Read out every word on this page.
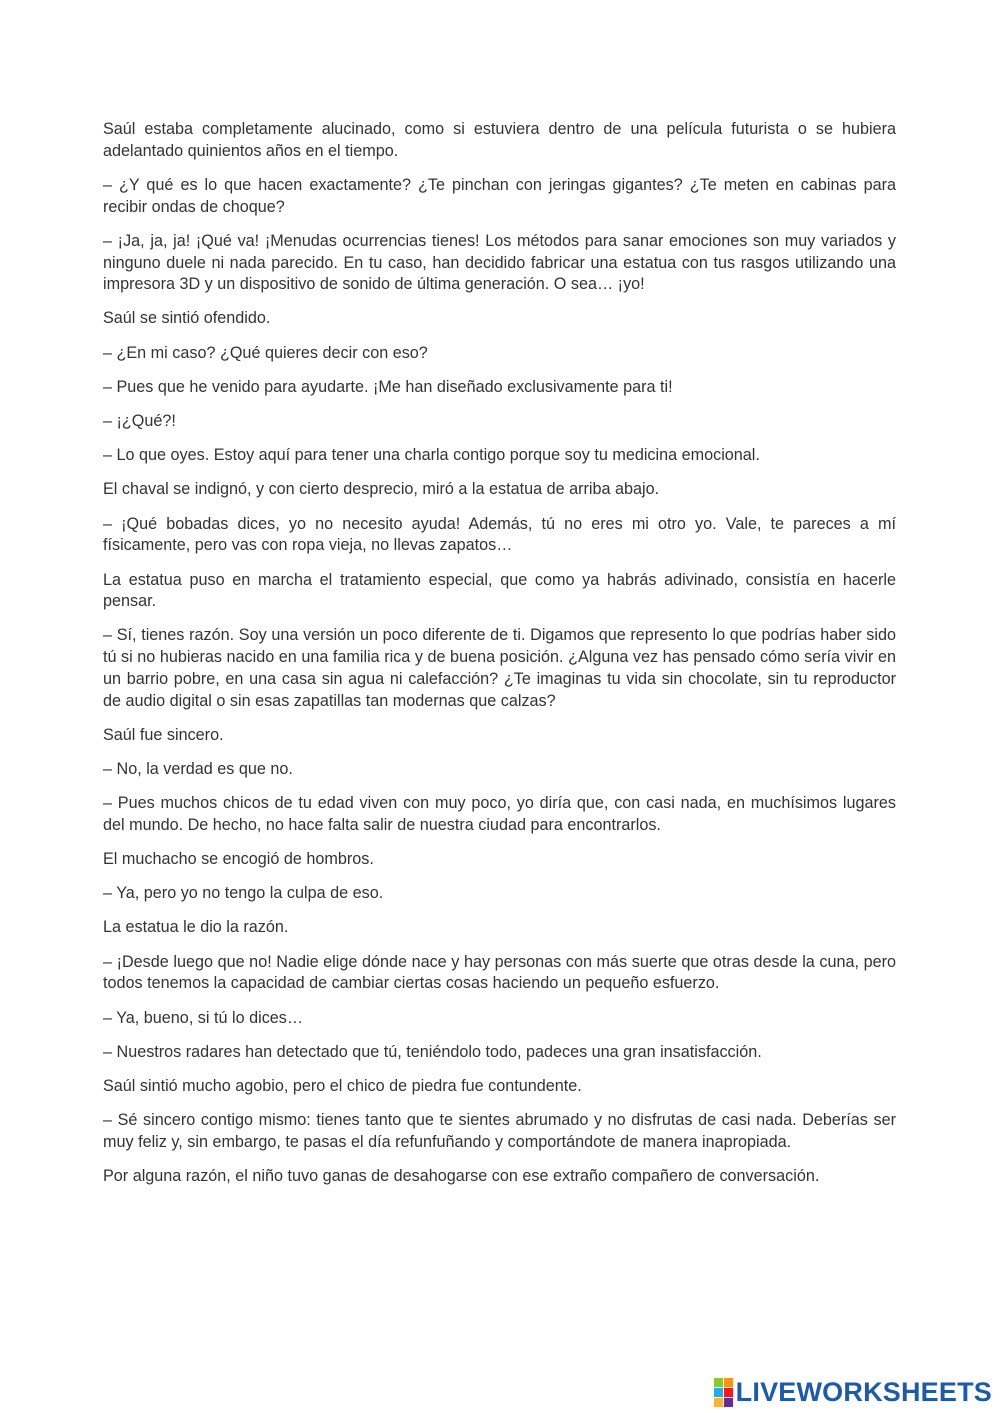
Saúl estaba completamente alucinado, como si estuviera dentro de una película futurista o se hubiera adelantado quinientos años en el tiempo.

– ¿Y qué es lo que hacen exactamente? ¿Te pinchan con jeringas gigantes? ¿Te meten en cabinas para recibir ondas de choque?

– ¡Ja, ja, ja! ¡Qué va! ¡Menudas ocurrencias tienes! Los métodos para sanar emociones son muy variados y ninguno duele ni nada parecido. En tu caso, han decidido fabricar una estatua con tus rasgos utilizando una impresora 3D y un dispositivo de sonido de última generación. O sea… ¡yo!

Saúl se sintió ofendido.

– ¿En mi caso? ¿Qué quieres decir con eso?

– Pues que he venido para ayudarte. ¡Me han diseñado exclusivamente para ti!

– ¡¿Qué?!

– Lo que oyes. Estoy aquí para tener una charla contigo porque soy tu medicina emocional.

El chaval se indignó, y con cierto desprecio, miró a la estatua de arriba abajo.

– ¡Qué bobadas dices, yo no necesito ayuda! Además, tú no eres mi otro yo. Vale, te pareces a mí físicamente, pero vas con ropa vieja, no llevas zapatos…

La estatua puso en marcha el tratamiento especial, que como ya habrás adivinado, consistía en hacerle pensar.

– Sí, tienes razón. Soy una versión un poco diferente de ti. Digamos que represento lo que podrías haber sido tú si no hubieras nacido en una familia rica y de buena posición. ¿Alguna vez has pensado cómo sería vivir en un barrio pobre, en una casa sin agua ni calefacción? ¿Te imaginas tu vida sin chocolate, sin tu reproductor de audio digital o sin esas zapatillas tan modernas que calzas?

Saúl fue sincero.

– No, la verdad es que no.

– Pues muchos chicos de tu edad viven con muy poco, yo diría que, con casi nada, en muchísimos lugares del mundo. De hecho, no hace falta salir de nuestra ciudad para encontrarlos.

El muchacho se encogió de hombros.

– Ya, pero yo no tengo la culpa de eso.

La estatua le dio la razón.

– ¡Desde luego que no! Nadie elige dónde nace y hay personas con más suerte que otras desde la cuna, pero todos tenemos la capacidad de cambiar ciertas cosas haciendo un pequeño esfuerzo.

– Ya, bueno, si tú lo dices…

– Nuestros radares han detectado que tú, teniéndolo todo, padeces una gran insatisfacción.

Saúl sintió mucho agobio, pero el chico de piedra fue contundente.

– Sé sincero contigo mismo: tienes tanto que te sientes abrumado y no disfrutas de casi nada. Deberías ser muy feliz y, sin embargo, te pasas el día refunfuñando y comportándote de manera inapropiada.

Por alguna razón, el niño tuvo ganas de desahogarse con ese extraño compañero de conversación.

LIVEWORKSHEETS
